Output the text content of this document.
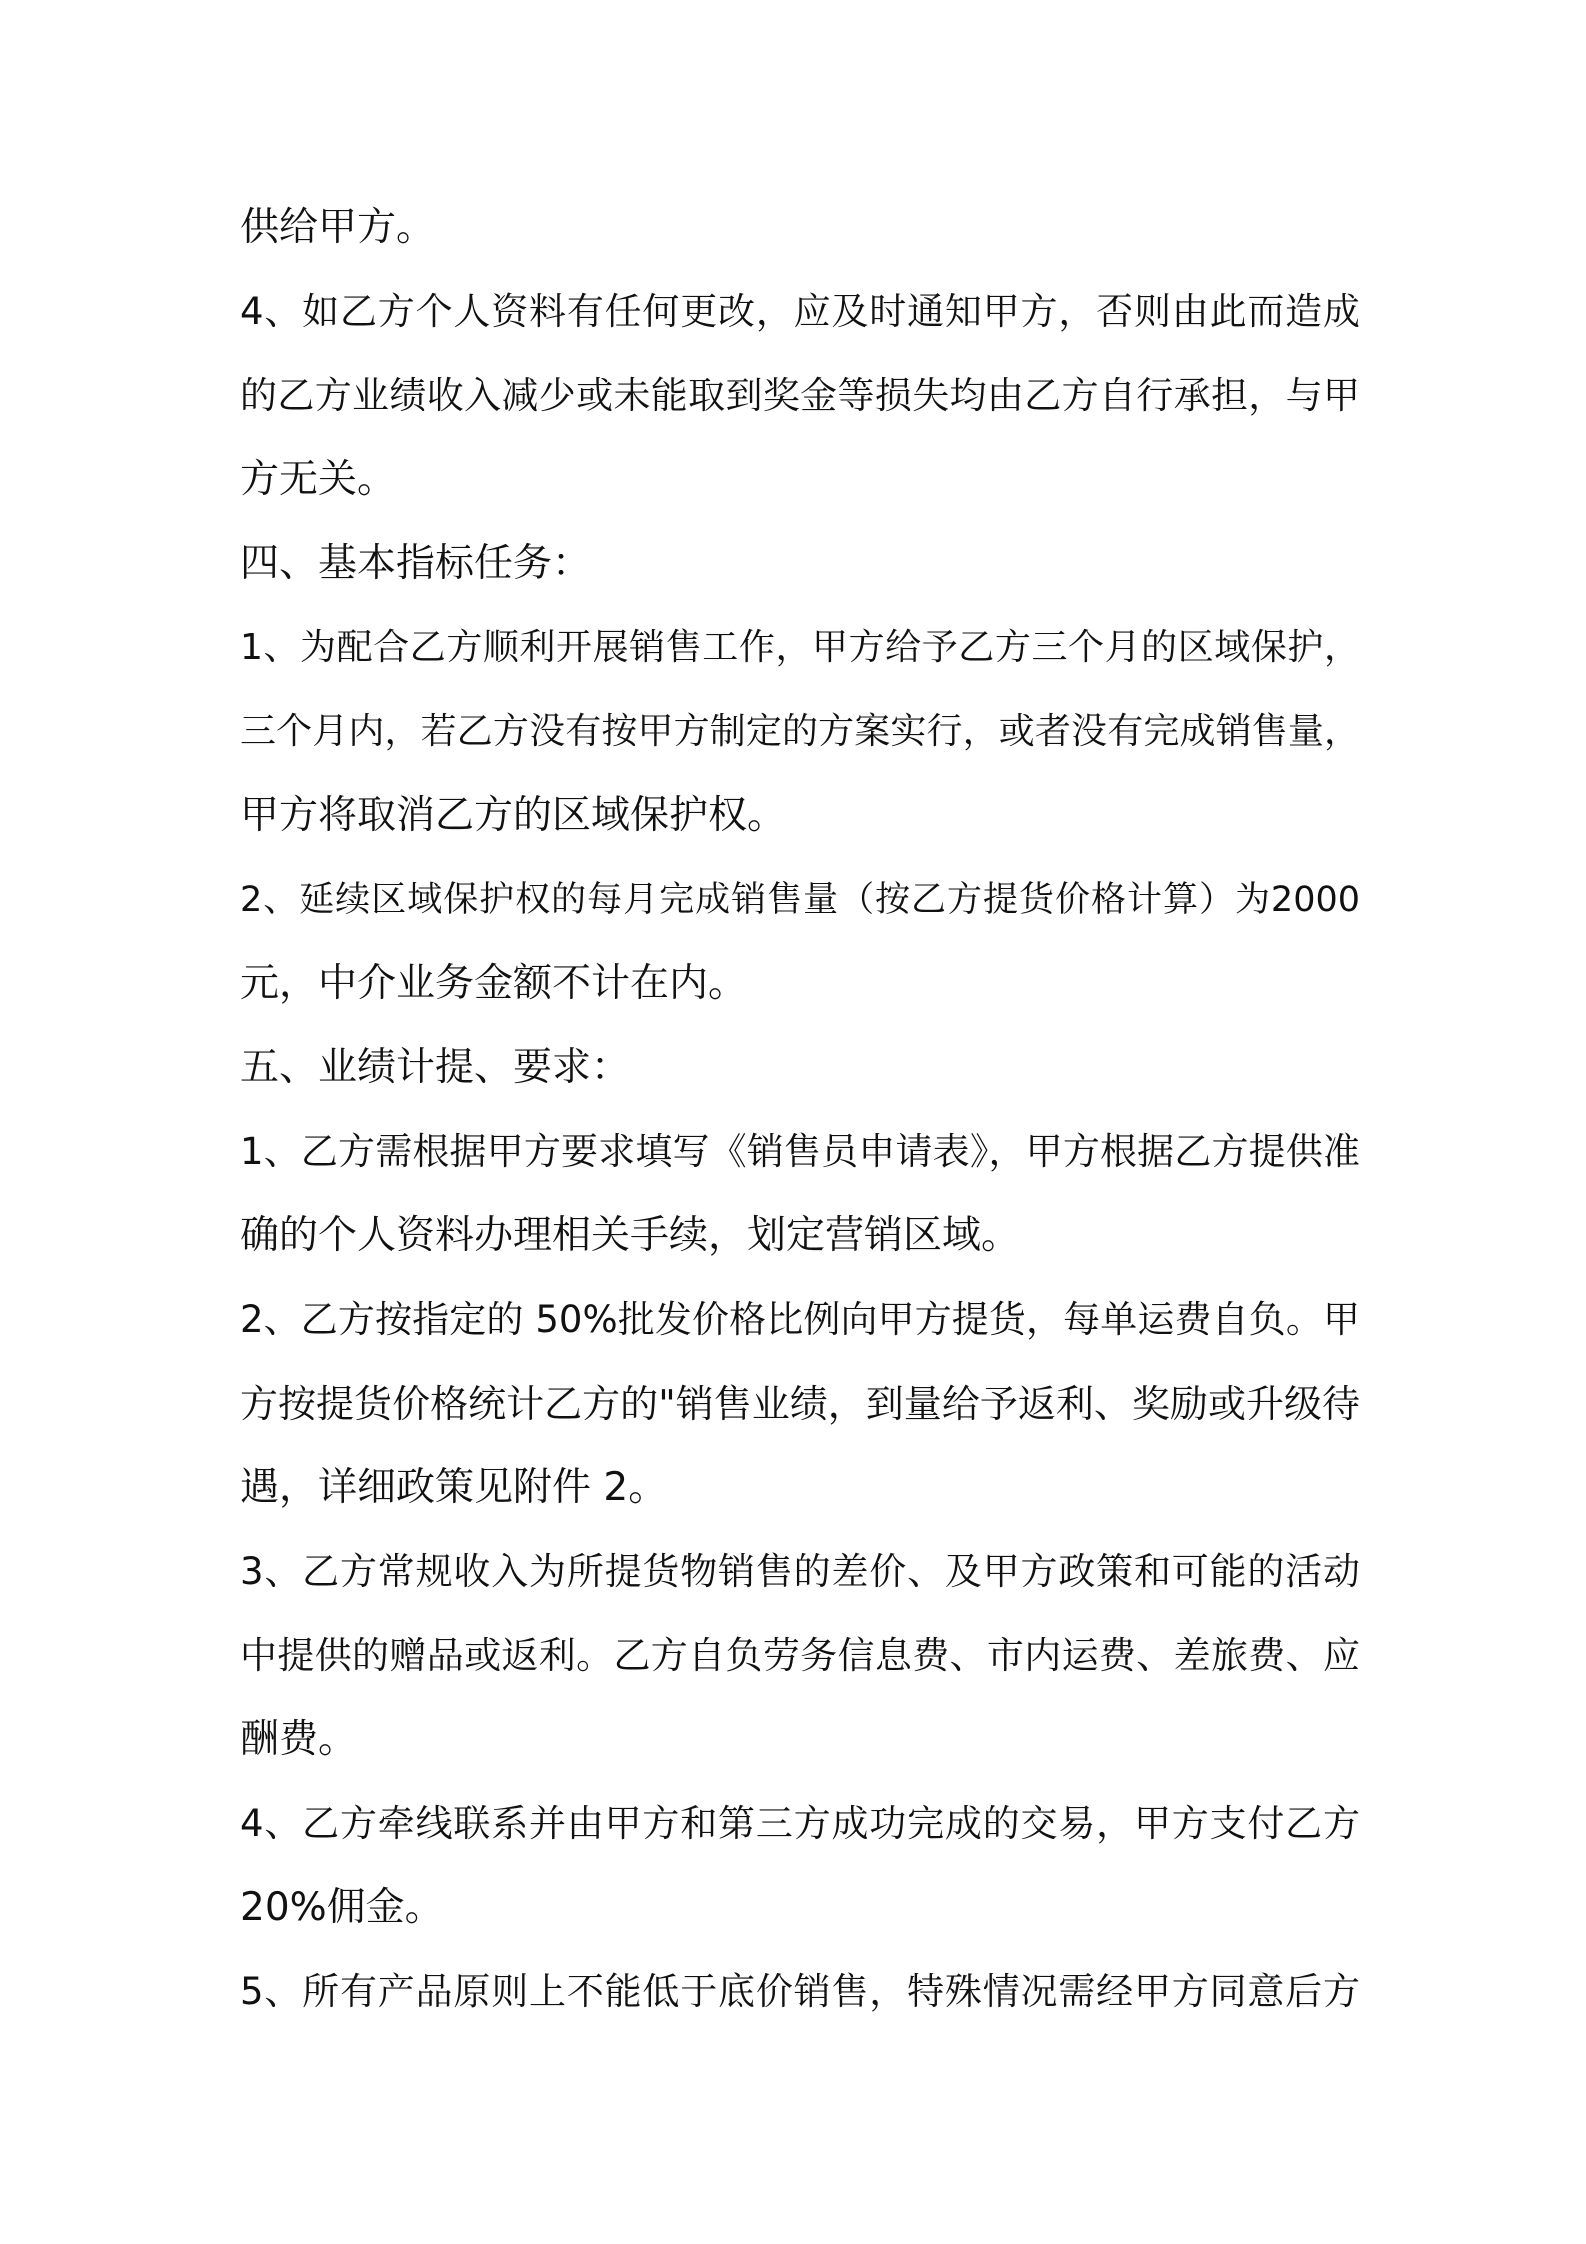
供给甲方。
4、如乙方个人资料有任何更改，应及时通知甲方，否则由此而造成
的乙方业绩收入减少或未能取到奖金等损失均由乙方自行承担，与甲
方无关。
四、基本指标任务：
1、为配合乙方顺利开展销售工作，甲方给予乙方三个月的区域保护，
三个月内，若乙方没有按甲方制定的方案实行，或者没有完成销售量，
甲方将取消乙方的区域保护权。
2、延续区域保护权的每月完成销售量（按乙方提货价格计算）为2000
元，中介业务金额不计在内。
五、业绩计提、要求：
1、乙方需根据甲方要求填写《销售员申请表》，甲方根据乙方提供准
确的个人资料办理相关手续，划定营销区域。
2、乙方按指定的 50%批发价格比例向甲方提货，每单运费自负。甲
方按提货价格统计乙方的"销售业绩，到量给予返利、奖励或升级待
遇，详细政策见附件 2。
3、乙方常规收入为所提货物销售的差价、及甲方政策和可能的活动
中提供的赠品或返利。乙方自负劳务信息费、市内运费、差旅费、应
酬费。
4、乙方牵线联系并由甲方和第三方成功完成的交易，甲方支付乙方
20%佣金。
5、所有产品原则上不能低于底价销售，特殊情况需经甲方同意后方
